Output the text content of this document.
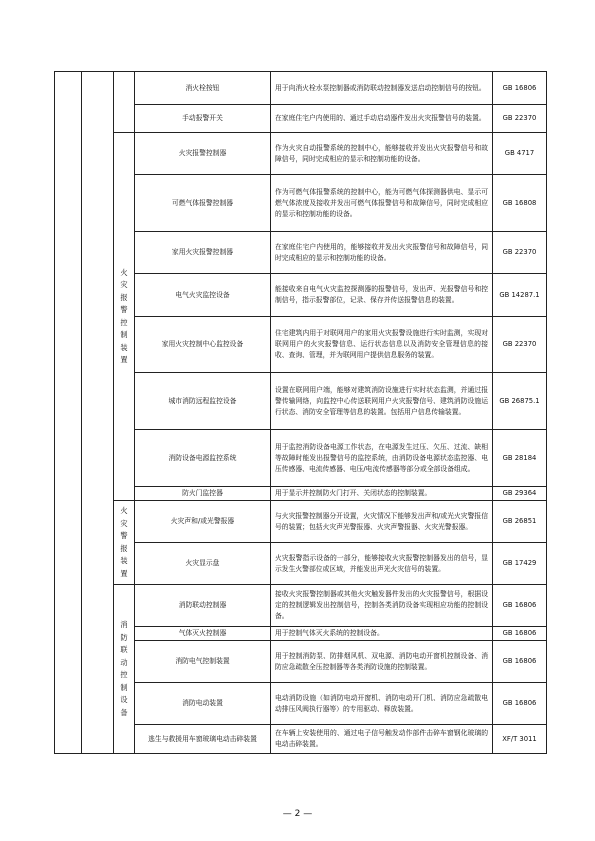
			消火栓按钮	用于向消火栓水泵控制器或消防联动控制器发送启动控制信号的按钮。	GB 16806
			手动报警开关	在家庭住宅户内使用的、通过手动启动器件发出火灾报警信号的装置。	GB 22370
		火灾报警控制装置	火灾报警控制器	作为火灾自动报警系统的控制中心，能够接收并发出火灾报警信号和故障信号，同时完成相应的显示和控制功能的设备。	GB 4717
			可燃气体报警控制器	作为可燃气体报警系统的控制中心，能为可燃气体探测器供电、显示可燃气体浓度及接收并发出可燃气体报警信号和故障信号，同时完成相应的显示和控制功能的设备。	GB 16808
			家用火灾报警控制器	在家庭住宅户内使用的，能够接收并发出火灾报警信号和故障信号，同时完成相应的显示和控制功能的设备。	GB 22370
			电气火灾监控设备	能接收来自电气火灾监控探测器的报警信号，发出声、光报警信号和控制信号，指示报警部位，记录、保存并传送报警信息的装置。	GB 14287.1
			家用火灾控制中心监控设备	住宅建筑内用于对联网用户的家用火灾报警设施进行实时监测，实现对联网用户的火灾报警信息、运行状态信息以及消防安全管理信息的接收、查询、管理，并为联网用户提供信息服务的装置。	GB 22370
			城市消防远程监控设备	设置在联网用户端，能够对建筑消防设施进行实时状态监测，并通过报警传输网络，向监控中心传送联网用户火灾报警信号、建筑消防设施运行状态、消防安全管理等信息的装置。包括用户信息传输装置。	GB 26875.1
			消防设备电源监控系统	用于监控消防设备电源工作状态，在电源发生过压、欠压、过流、缺相等故障时能发出报警信号的监控系统，由消防设备电源状态监控器、电压传感器、电流传感器、电压/电流传感器等部分或全部设备组成。	GB 28184
			防火门监控器	用于显示并控制防火门打开、关闭状态的控制装置。	GB 29364
		火灾警报装置	火灾声和/或光警报器	与火灾报警控制器分开设置，火灾情况下能够发出声和/或光火灾警报信号的装置；包括火灾声光警报器、火灾声警报器、火灾光警报器。	GB 26851
			火灾显示盘	火灾报警指示设备的一部分，能够接收火灾报警控制器发出的信号，显示发生火警部位或区域，并能发出声光火灾信号的装置。	GB 17429
		消防联动控制设备	消防联动控制器	接收火灾报警控制器或其他火灾触发器件发出的火灾报警信号，根据设定的控制逻辑发出控制信号，控制各类消防设备实现相应功能的控制设备。	GB 16806
			气体灭火控制器	用于控制气体灭火系统的控制设备。	GB 16806
			消防电气控制装置	用于控制消防泵、防排烟风机、双电源、消防电动开窗机控制设备、消防应急疏散全压控制器等各类消防设施的控制装置。	GB 16806
			消防电动装置	电动消防设施（如消防电动开窗机、消防电动开门机、消防应急疏散电动排压风阀执行器等）的专用驱动、释放装置。	GB 16806
			逃生与救援用车窗玻璃电动击碎装置	在车辆上安装使用的、通过电子信号触发动作部件击碎车窗钢化玻璃的电动击碎装置。	XF/T 3011
— 2 —
